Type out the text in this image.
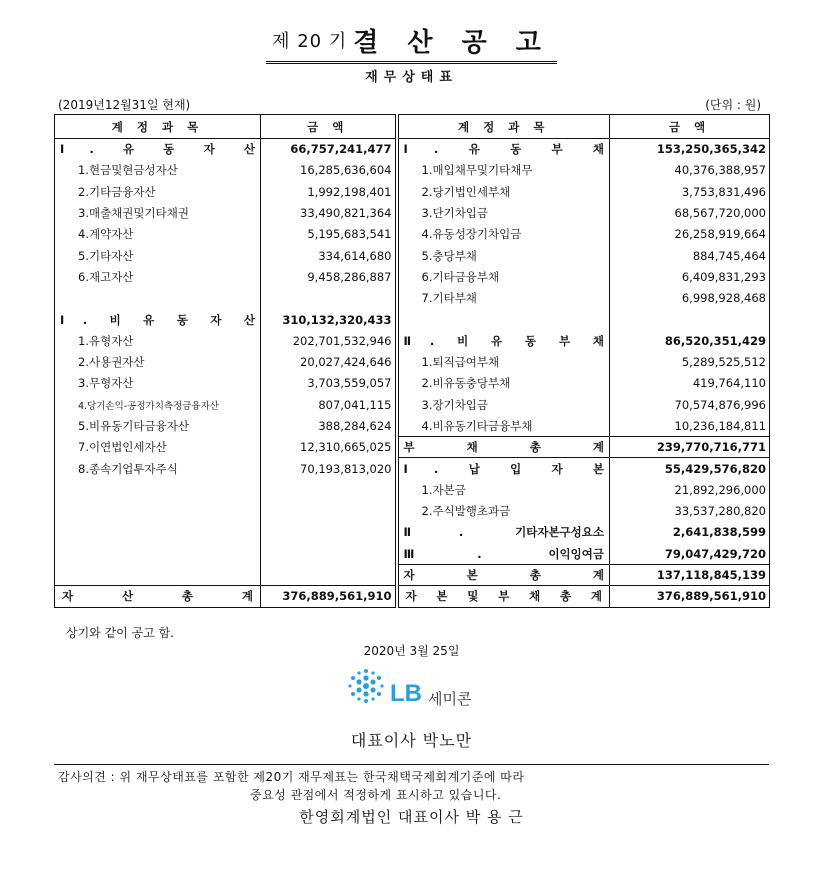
제 20 기 결 산 공 고
재무상태표
(2019년12월31일 현재)	(단위 : 원)
계 정 과 목	금 액	계 정 과 목	금 액

Ⅰ. 유 동 자 산	66,757,241,477	Ⅰ. 유 동 부 채	153,250,365,342

1.현금및현금성자산	16,285,636,604	1.매입채무및기타채무	40,376,388,957

2.기타금융자산	1,992,198,401	2.당기법인세부채	3,753,831,496

3.매출채권및기타채권	33,490,821,364	3.단기차입금	68,567,720,000

4.계약자산	5,195,683,541	4.유동성장기차입금	26,258,919,664

5.기타자산	334,614,680	5.충당부채	884,745,464

6.재고자산	9,458,286,887	6.기타금융부채	6,409,831,293

		7.기타부채	6,998,928,468

Ⅰ. 비 유 동 자 산	310,132,320,433	

1.유형자산	202,701,532,946	Ⅱ. 비 유 동 부 채	86,520,351,429

2.사용권자산	20,027,424,646	1.퇴직급여부채	5,289,525,512

3.무형자산	3,703,559,057	2.비유동충당부채	419,764,110

4.당기손익-공정가치측정금융자산	807,041,115	3.장기차입금	70,574,876,996

5.비유동기타금융자산	388,284,624	4.비유동기타금융부채	10,236,184,811

7.이연법인세자산	12,310,665,025	부 채 총 계	239,770,716,771

8.종속기업투자주식	70,193,813,020	Ⅰ. 납 입 자 본	55,429,576,820

		1.자본금	21,892,296,000

		2.주식발행초과금	33,537,280,820

		Ⅱ. 기타자본구성요소	2,641,838,599

		Ⅲ. 이익잉여금	79,047,429,720

		자 본 총 계	137,118,845,139

자 산 총 계	376,889,561,910	자 본 및 부 채 총 계	376,889,561,910
상기와 같이 공고 함.
2020년 3월 25일
LB 세미콘
대표이사 박노만
감사의견 : 위 재무상태표를 포함한 제20기 재무제표는 한국채택국제회계기준에 따라
중요성 관점에서 적정하게 표시하고 있습니다.
한영회계법인 대표이사 박 용 근
